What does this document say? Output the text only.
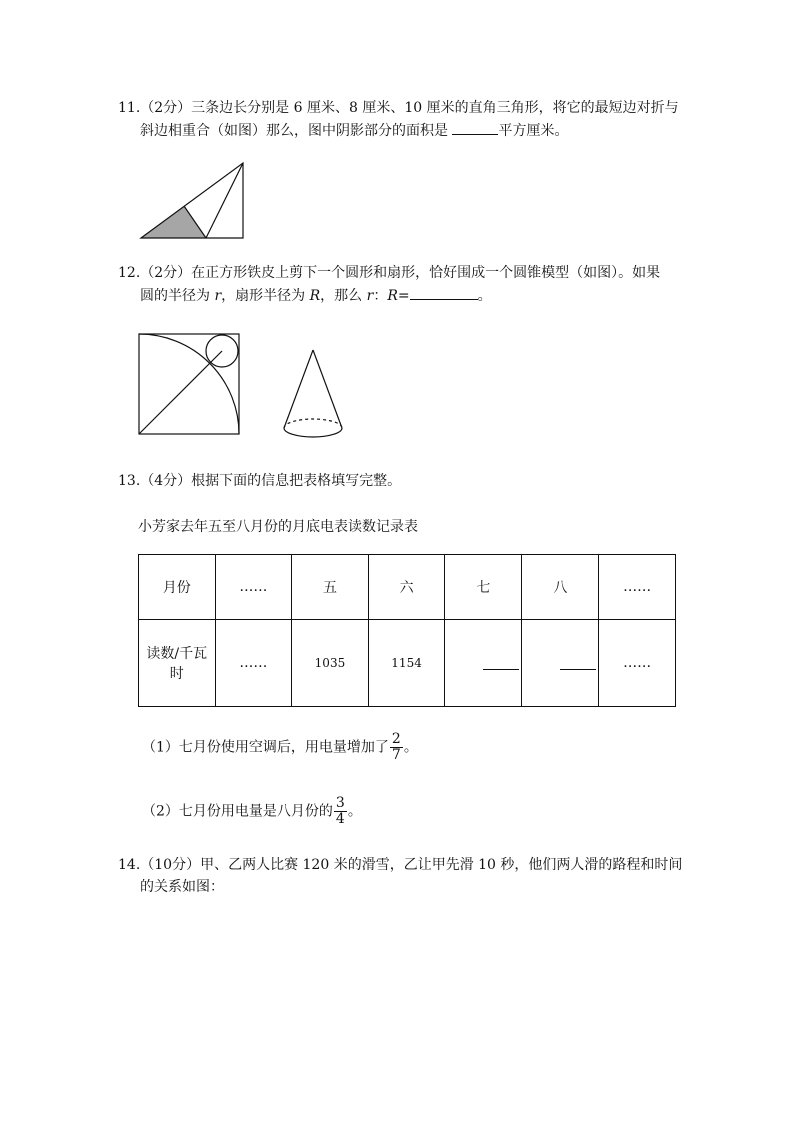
11.（2分）三条边长分别是 6 厘米、8 厘米、10 厘米的直角三角形，将它的最短边对折与
斜边相重合（如图）那么，图中阴影部分的面积是	平方厘米。
12.（2分）在正方形铁皮上剪下一个圆形和扇形，恰好围成一个圆锥模型（如图）。如果
圆的半径为 r，扇形半径为 R，那么 r：R=	。
13.（4分）根据下面的信息把表格填写完整。
小芳家去年五至八月份的月底电表读数记录表
月份	……	五	六	七	八	……

读数/千瓦
时	……	1035	1154			……
（1）七月份使用空调后，用电量增加了 $\frac{2}{7}$ 。
（2）七月份用电量是八月份的 $\frac{3}{4}$ 。
14.（10分）甲、乙两人比赛 120 米的滑雪，乙让甲先滑 10 秒，他们两人滑的路程和时间
的关系如图：
